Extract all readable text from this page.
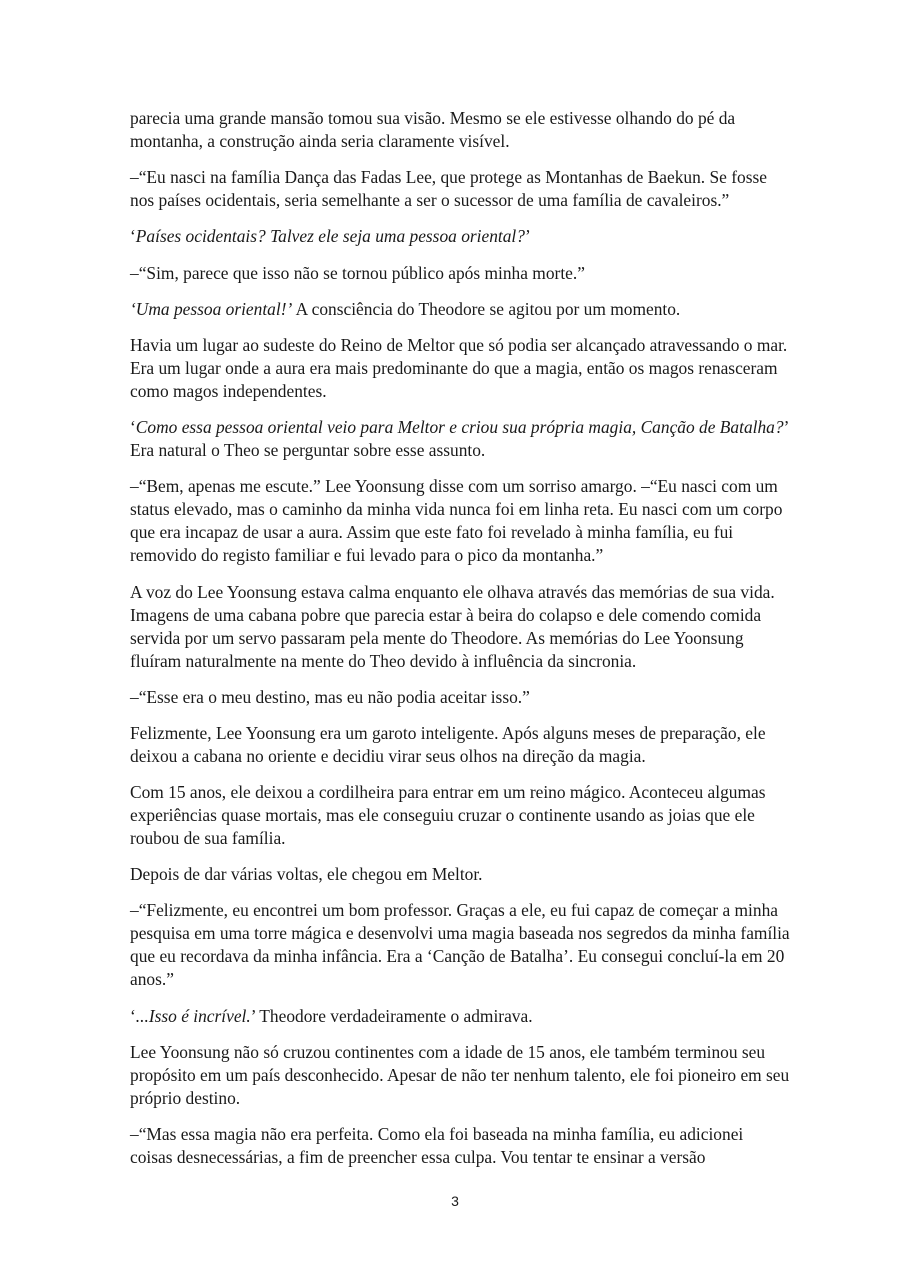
parecia uma grande mansão tomou sua visão. Mesmo se ele estivesse olhando do pé da montanha, a construção ainda seria claramente visível.

–“Eu nasci na família Dança das Fadas Lee, que protege as Montanhas de Baekun. Se fosse nos países ocidentais, seria semelhante a ser o sucessor de uma família de cavaleiros.”

‘Países ocidentais? Talvez ele seja uma pessoa oriental?’

–“Sim, parece que isso não se tornou público após minha morte.”

‘Uma pessoa oriental!’ A consciência do Theodore se agitou por um momento.

Havia um lugar ao sudeste do Reino de Meltor que só podia ser alcançado atravessando o mar. Era um lugar onde a aura era mais predominante do que a magia, então os magos renasceram como magos independentes.

‘Como essa pessoa oriental veio para Meltor e criou sua própria magia, Canção de Batalha?’ Era natural o Theo se perguntar sobre esse assunto.

–“Bem, apenas me escute.” Lee Yoonsung disse com um sorriso amargo. –“Eu nasci com um status elevado, mas o caminho da minha vida nunca foi em linha reta. Eu nasci com um corpo que era incapaz de usar a aura. Assim que este fato foi revelado à minha família, eu fui removido do registo familiar e fui levado para o pico da montanha.”

A voz do Lee Yoonsung estava calma enquanto ele olhava através das memórias de sua vida. Imagens de uma cabana pobre que parecia estar à beira do colapso e dele comendo comida servida por um servo passaram pela mente do Theodore. As memórias do Lee Yoonsung fluíram naturalmente na mente do Theo devido à influência da sincronia.

–“Esse era o meu destino, mas eu não podia aceitar isso.”

Felizmente, Lee Yoonsung era um garoto inteligente. Após alguns meses de preparação, ele deixou a cabana no oriente e decidiu virar seus olhos na direção da magia.

Com 15 anos, ele deixou a cordilheira para entrar em um reino mágico. Aconteceu algumas experiências quase mortais, mas ele conseguiu cruzar o continente usando as joias que ele roubou de sua família.

Depois de dar várias voltas, ele chegou em Meltor.

–“Felizmente, eu encontrei um bom professor. Graças a ele, eu fui capaz de começar a minha pesquisa em uma torre mágica e desenvolvi uma magia baseada nos segredos da minha família que eu recordava da minha infância. Era a ‘Canção de Batalha’. Eu consegui concluí-la em 20 anos.”

‘...Isso é incrível.’ Theodore verdadeiramente o admirava.

Lee Yoonsung não só cruzou continentes com a idade de 15 anos, ele também terminou seu propósito em um país desconhecido. Apesar de não ter nenhum talento, ele foi pioneiro em seu próprio destino.

–“Mas essa magia não era perfeita. Como ela foi baseada na minha família, eu adicionei coisas desnecessárias, a fim de preencher essa culpa. Vou tentar te ensinar a versão

3
